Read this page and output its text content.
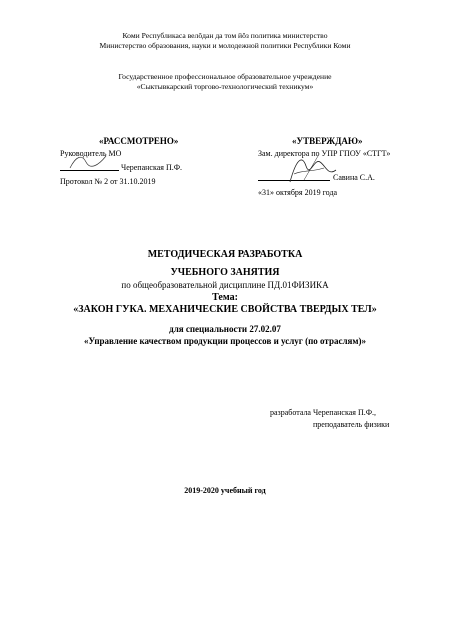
Коми Республикаса велŏдан да том йŏз политика министерство
Министерство образования, науки и молодежной политики Республики Коми
Государственное профессиональное образовательное учреждение
«Сыктывкарский торгово-технологический техникум»
«РАССМОТРЕНО»
Руководитель МО
Черепанская П.Ф.
Протокол № 2 от 31.10.2019
«УТВЕРЖДАЮ»
Зам. директора по УПР ГПОУ «СТГТ»
Савина С.А.
«31» октября 2019 года
МЕТОДИЧЕСКАЯ РАЗРАБОТКА
УЧЕБНОГО ЗАНЯТИЯ
по общеобразовательной дисциплине ПД.01ФИЗИКА
Тема:
«ЗАКОН ГУКА. МЕХАНИЧЕСКИЕ СВОЙСТВА ТВЕРДЫХ ТЕЛ»
для специальности 27.02.07
«Управление качеством продукции процессов и услуг (по отраслям)»
разработала Черепанская П.Ф.,
преподаватель физики
2019-2020 учебный год
